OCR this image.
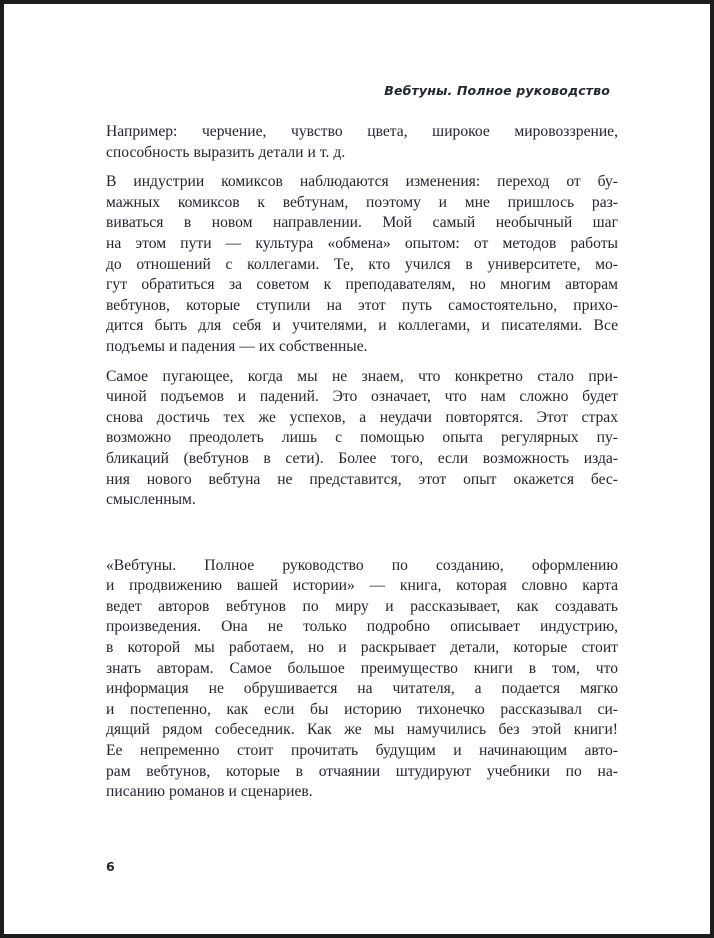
Вебтуны. Полное руководство

Например: черчение, чувство цвета, широкое мировоззрение,
способность выразить детали и т. д.

В индустрии комиксов наблюдаются изменения: переход от бу-
мажных комиксов к вебтунам, поэтому и мне пришлось раз-
виваться в новом направлении. Мой самый необычный шаг
на этом пути — культура «обмена» опытом: от методов работы
до отношений с коллегами. Те, кто учился в университете, мо-
гут обратиться за советом к преподавателям, но многим авторам
вебтунов, которые ступили на этот путь самостоятельно, прихо-
дится быть для себя и учителями, и коллегами, и писателями. Все
подъемы и падения — их собственные.

Самое пугающее, когда мы не знаем, что конкретно стало при-
чиной подъемов и падений. Это означает, что нам сложно будет
снова достичь тех же успехов, а неудачи повторятся. Этот страх
возможно преодолеть лишь с помощью опыта регулярных пу-
бликаций (вебтунов в сети). Более того, если возможность изда-
ния нового вебтуна не представится, этот опыт окажется бес-
смысленным.

«Вебтуны. Полное руководство по созданию, оформлению
и продвижению вашей истории» — книга, которая словно карта
ведет авторов вебтунов по миру и рассказывает, как создавать
произведения. Она не только подробно описывает индустрию,
в которой мы работаем, но и раскрывает детали, которые стоит
знать авторам. Самое большое преимущество книги в том, что
информация не обрушивается на читателя, а подается мягко
и постепенно, как если бы историю тихонечко рассказывал си-
дящий рядом собеседник. Как же мы намучились без этой книги!
Ее непременно стоит прочитать будущим и начинающим авто-
рам вебтунов, которые в отчаянии штудируют учебники по на-
писанию романов и сценариев.

6
